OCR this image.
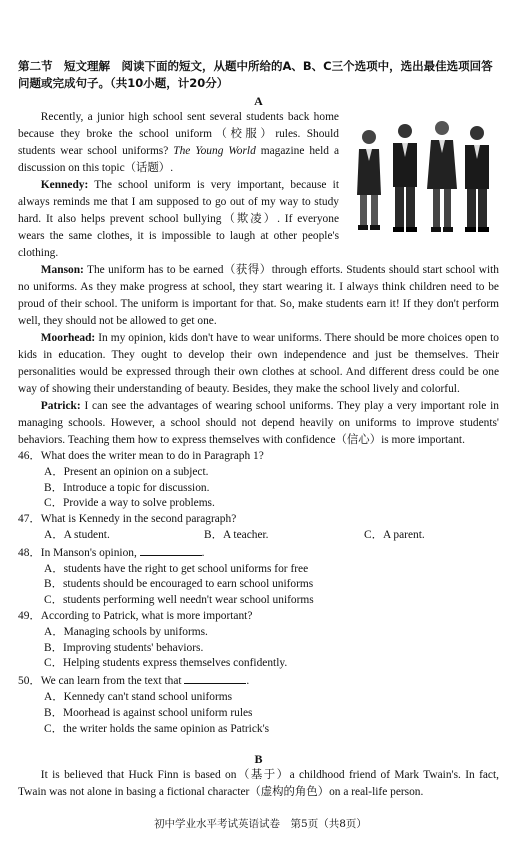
第二节　短文理解　阅读下面的短文，从题中所给的A、B、C三个选项中，选出最佳选项回答问题或完成句子。（共10小题，计20分）

A

Recently, a junior high school sent several students back home because they broke the school uniform（校服）rules. Should students wear school uniforms? The Young World magazine held a discussion on this topic（话题）.

Kennedy: The school uniform is very important, because it always reminds me that I am supposed to go out of my way to study hard. It also helps prevent school bullying（欺凌）. If everyone wears the same clothes, it is impossible to laugh at other people's clothing.

Manson: The uniform has to be earned（获得）through efforts. Students should start school with no uniforms. As they make progress at school, they start wearing it. I always think children need to be proud of their school. The uniform is important for that. So, make students earn it! If they don't perform well, they should not be allowed to get one.

Moorhead: In my opinion, kids don't have to wear uniforms. There should be more choices open to kids in education. They ought to develop their own independence and just be themselves. Their personalities would be expressed through their own clothes at school. And different dress could be one way of showing their understanding of beauty. Besides, they make the school lively and colorful.

Patrick: I can see the advantages of wearing school uniforms. They play a very important role in managing schools. However, a school should not depend heavily on uniforms to improve students' behaviors. Teaching them how to express themselves with confidence（信心）is more important.

46．What does the writer mean to do in Paragraph 1?

A．Present an opinion on a subject.

B．Introduce a topic for discussion.

C．Provide a way to solve problems.

47．What is Kennedy in the second paragraph?

A．A student.	B．A teacher.	C．A parent.

48．In Manson's opinion,	.

A．students have the right to get school uniforms for free

B．students should be encouraged to earn school uniforms

C．students performing well needn't wear school uniforms

49．According to Patrick, what is more important?

A．Managing schools by uniforms.

B．Improving students' behaviors.

C．Helping students express themselves confidently.

50．We can learn from the text that	.

A．Kennedy can't stand school uniforms

B．Moorhead is against school uniform rules

C．the writer holds the same opinion as Patrick's

B

It is believed that Huck Finn is based on（基于）a childhood friend of Mark Twain's. In fact, Twain was not alone in basing a fictional character（虚构的角色）on a real-life person.

初中学业水平考试英语试卷　第5页（共8页）
